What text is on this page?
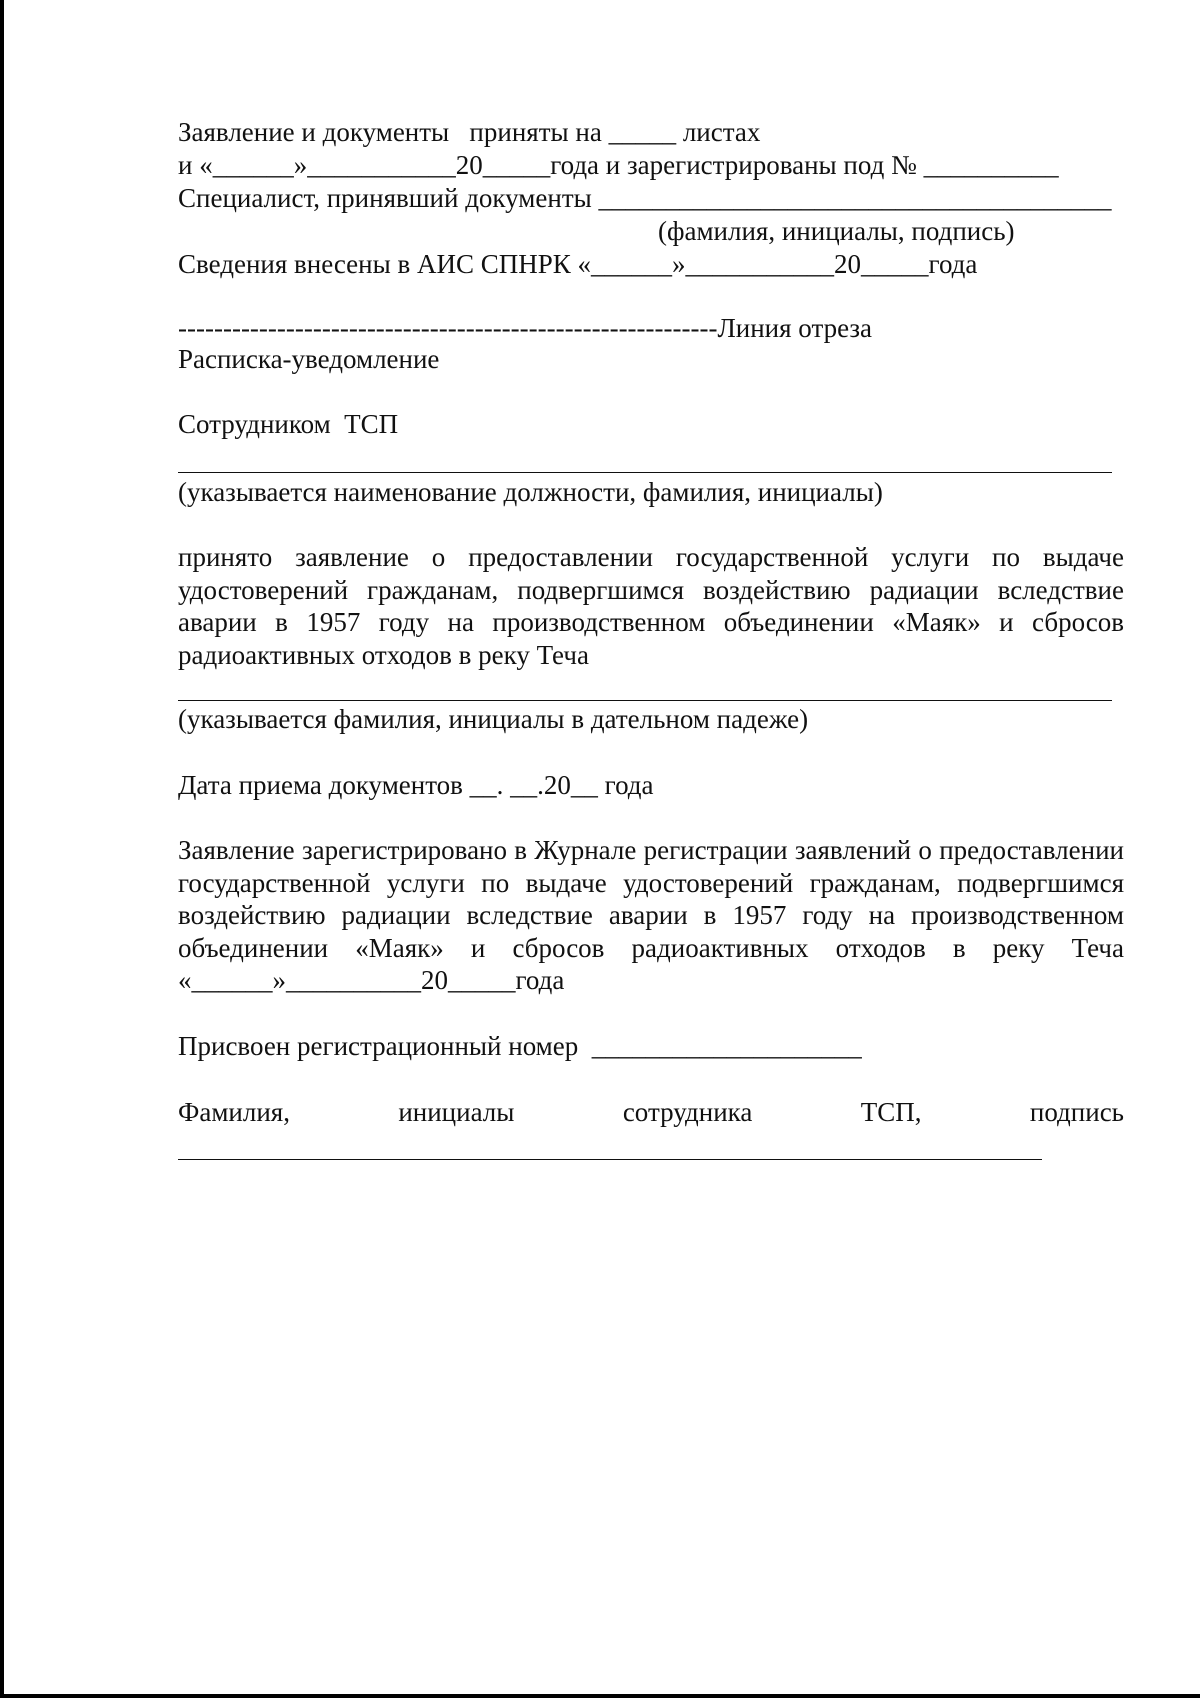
Заявление и документы   приняты на _____ листах
и «______»___________20_____года и зарегистрированы под № __________
Специалист, принявший документы ______________________________________
(фамилия, инициалы, подпись)
Сведения внесены в АИС СПНРК «______»___________20_____года
------------------------------------------------------------Линия отреза
Расписка-уведомление
Сотрудником  ТСП
(указывается наименование должности, фамилия, инициалы)
принято заявление о предоставлении государственной услуги по выдаче удостоверений гражданам, подвергшимся воздействию радиации вследствие аварии в 1957 году на производственном объединении «Маяк» и сбросов радиоактивных отходов в реку Теча
(указывается фамилия, инициалы в дательном падеже)
Дата приема документов __. __.20__ года
Заявление зарегистрировано в Журнале регистрации заявлений о предоставлении государственной услуги по выдаче удостоверений гражданам, подвергшимся воздействию радиации вследствие аварии в 1957 году на производственном объединении «Маяк» и сбросов радиоактивных отходов в реку Теча «______»__________20_____года
Присвоен регистрационный номер  ____________________
Фамилия, инициалы сотрудника ТСП, подпись
